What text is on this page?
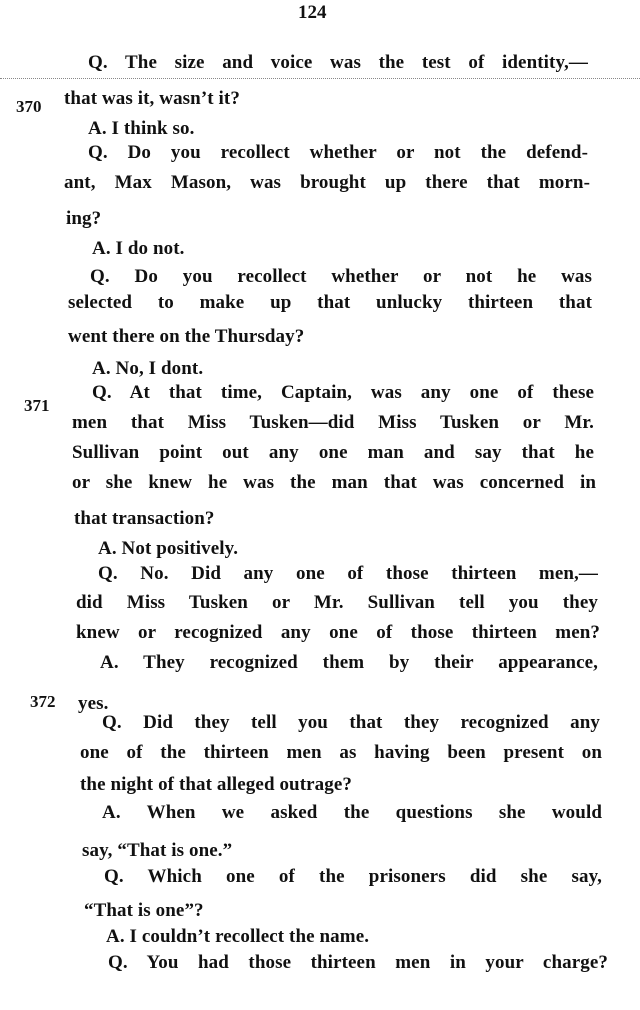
124
370
371
372
Q. The size and voice was the test of identity,—
that was it, wasn’t it?
A. I think so.
Q. Do you recollect whether or not the defend-
ant, Max Mason, was brought up there that morn-
ing?
A. I do not.
Q. Do you recollect whether or not he was
selected to make up that unlucky thirteen that
went there on the Thursday?
A. No, I dont.
Q. At that time, Captain, was any one of these
men that Miss Tusken—did Miss Tusken or Mr.
Sullivan point out any one man and say that he
or she knew he was the man that was concerned in
that transaction?
A. Not positively.
Q. No. Did any one of those thirteen men,—
did Miss Tusken or Mr. Sullivan tell you they
knew or recognized any one of those thirteen men?
A. They recognized them by their appearance,
yes.
Q. Did they tell you that they recognized any
one of the thirteen men as having been present on
the night of that alleged outrage?
A. When we asked the questions she would
say, “That is one.”
Q. Which one of the prisoners did she say,
“That is one”?
A. I couldn’t recollect the name.
Q. You had those thirteen men in your charge?
